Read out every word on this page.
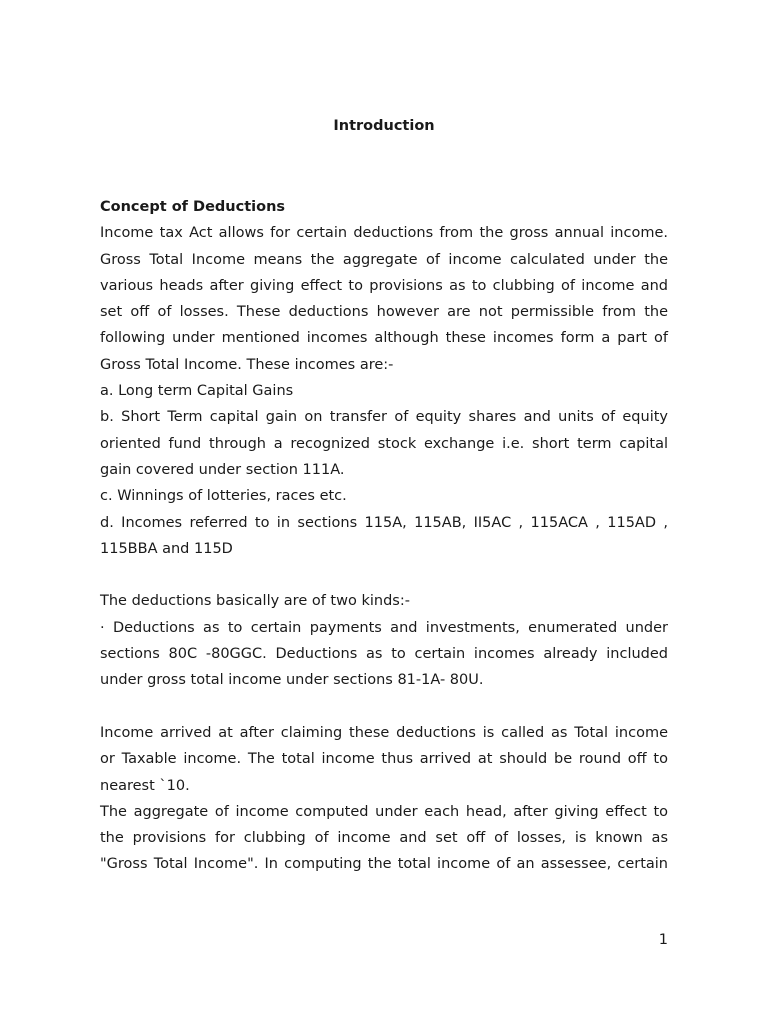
Introduction
Concept of Deductions
Income tax Act allows for certain deductions from the gross annual income.
Gross Total Income means the aggregate of income calculated under the
various heads after giving effect to provisions as to clubbing of income and
set off of losses. These deductions however are not permissible from the
following under mentioned incomes although these incomes form a part of
Gross Total Income. These incomes are:-
a. Long term Capital Gains
b. Short Term capital gain on transfer of equity shares and units of equity
oriented fund through a recognized stock exchange i.e. short term capital
gain covered under section 111A.
c. Winnings of lotteries, races etc.
d. Incomes referred to in sections 115A, 115AB, II5AC , 115ACA , 115AD ,
115BBA and 115D
The deductions basically are of two kinds:-
· Deductions as to certain payments and investments, enumerated under
sections 80C -80GGC. Deductions as to certain incomes already included
under gross total income under sections 81-1A- 80U.
Income arrived at after claiming these deductions is called as Total income
or Taxable income. The total income thus arrived at should be round off to
nearest `10.
The aggregate of income computed under each head, after giving effect to
the provisions for clubbing of income and set off of losses, is known as
"Gross Total Income". In computing the total income of an assessee, certain
1
